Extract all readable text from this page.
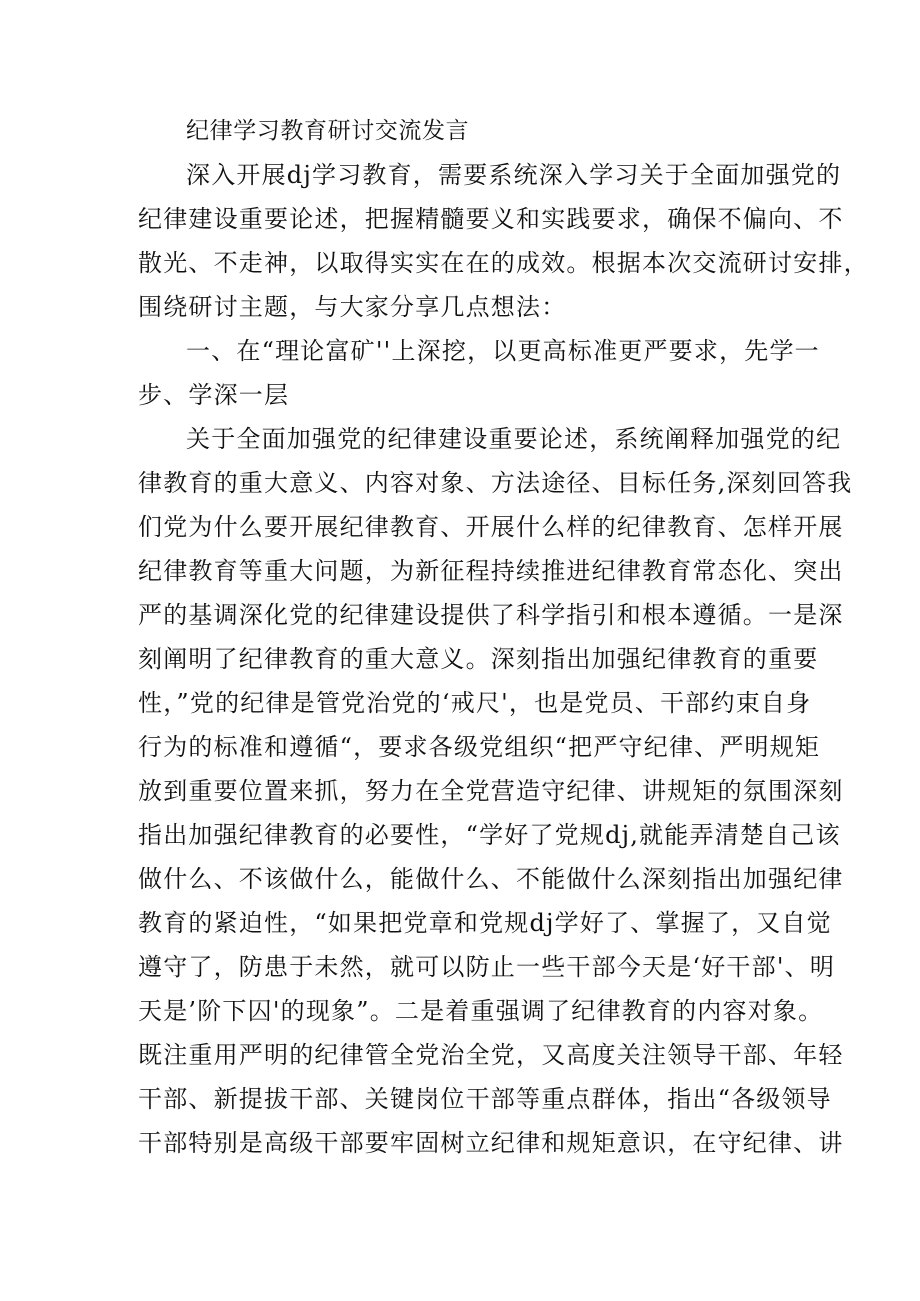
纪律学习教育研讨交流发言
深入开展dj学习教育，需要系统深入学习关于全面加强党的
纪律建设重要论述，把握精髓要义和实践要求，确保不偏向、不
散光、不走神，以取得实实在在的成效。根据本次交流研讨安排，
围绕研讨主题，与大家分享几点想法：
一、在“理论富矿''上深挖，以更高标准更严要求，先学一
步、学深一层
关于全面加强党的纪律建设重要论述，系统阐释加强党的纪
律教育的重大意义、内容对象、方法途径、目标任务,深刻回答我
们党为什么要开展纪律教育、开展什么样的纪律教育、怎样开展
纪律教育等重大问题，为新征程持续推进纪律教育常态化、突出
严的基调深化党的纪律建设提供了科学指引和根本遵循。一是深
刻阐明了纪律教育的重大意义。深刻指出加强纪律教育的重要
性，”党的纪律是管党治党的‘戒尺'，也是党员、干部约束自身
行为的标准和遵循“，要求各级党组织“把严守纪律、严明规矩
放到重要位置来抓，努力在全党营造守纪律、讲规矩的氛围深刻
指出加强纪律教育的必要性，“学好了党规dj,就能弄清楚自己该
做什么、不该做什么，能做什么、不能做什么深刻指出加强纪律
教育的紧迫性，“如果把党章和党规dj学好了、掌握了，又自觉
遵守了，防患于未然，就可以防止一些干部今天是‘好干部'、明
天是’阶下囚'的现象”。二是着重强调了纪律教育的内容对象。
既注重用严明的纪律管全党治全党，又高度关注领导干部、年轻
干部、新提拔干部、关键岗位干部等重点群体，指出“各级领导
干部特别是高级干部要牢固树立纪律和规矩意识，在守纪律、讲
